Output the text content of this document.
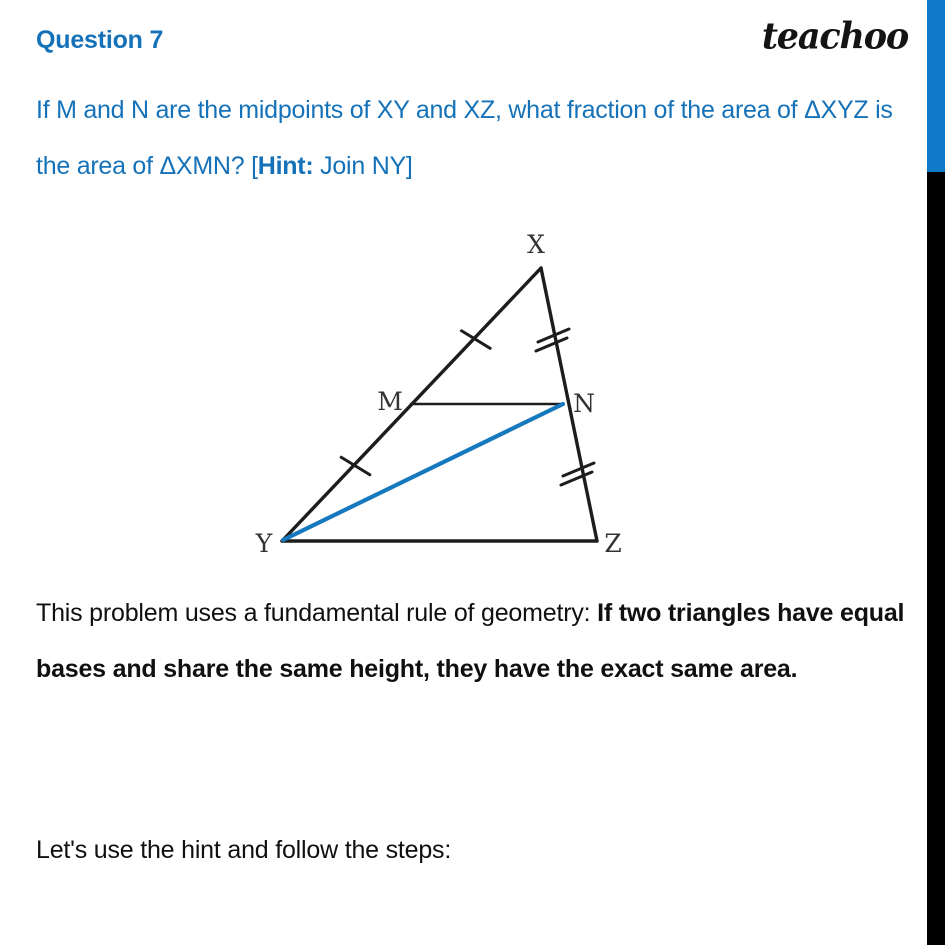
Question 7	teachoo
If M and N are the midpoints of XY and XZ, what fraction of the area of ΔXYZ is the area of ΔXMN? [Hint: Join NY]
X
Y	Z
M	N
This problem uses a fundamental rule of geometry: If two triangles have equal bases and share the same height, they have the exact same area.
Let's use the hint and follow the steps:
